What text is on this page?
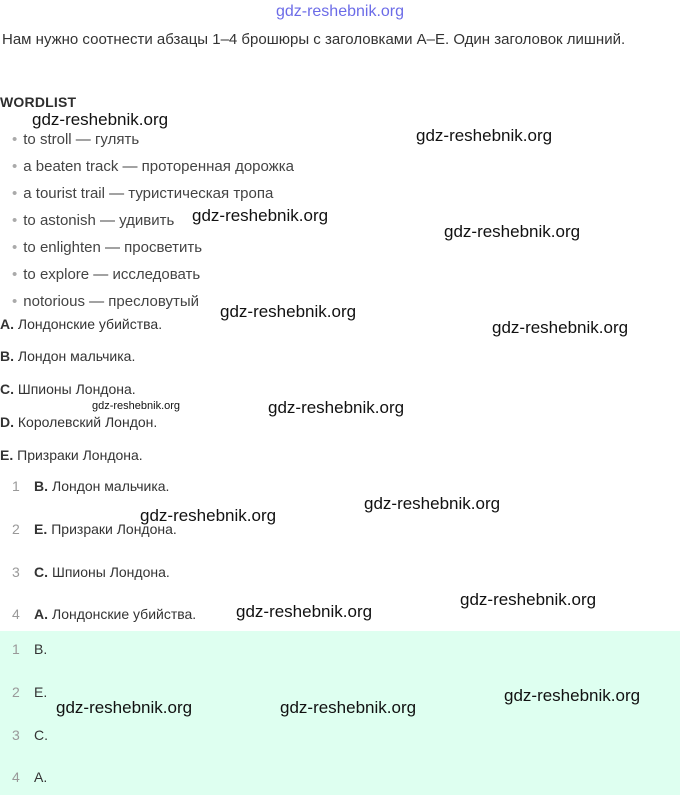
gdz-reshebnik.org
Нам нужно соотнести абзацы 1–4 брошюры с заголовками А–Е. Один заголовок лишний.
WORDLIST
• to stroll — гулять
• a beaten track — проторенная дорожка
• a tourist trail — туристическая тропа
• to astonish — удивить
• to enlighten — просветить
• to explore — исследовать
• notorious — пресловутый
A. Лондонские убийства.
B. Лондон мальчика.
C. Шпионы Лондона.
D. Королевский Лондон.
E. Призраки Лондона.
1 B. Лондон мальчика.
2 E. Призраки Лондона.
3 C. Шпионы Лондона.
4 A. Лондонские убийства.
1 B.
2 E.
3 C.
4 A.
gdz-reshebnik.org
gdz-reshebnik.org
gdz-reshebnik.org
gdz-reshebnik.org
gdz-reshebnik.org
gdz-reshebnik.org
gdz-reshebnik.org	gdz-reshebnik.org
gdz-reshebnik.org
gdz-reshebnik.org
gdz-reshebnik.org
gdz-reshebnik.org
gdz-reshebnik.org
gdz-reshebnik.org	gdz-reshebnik.org
